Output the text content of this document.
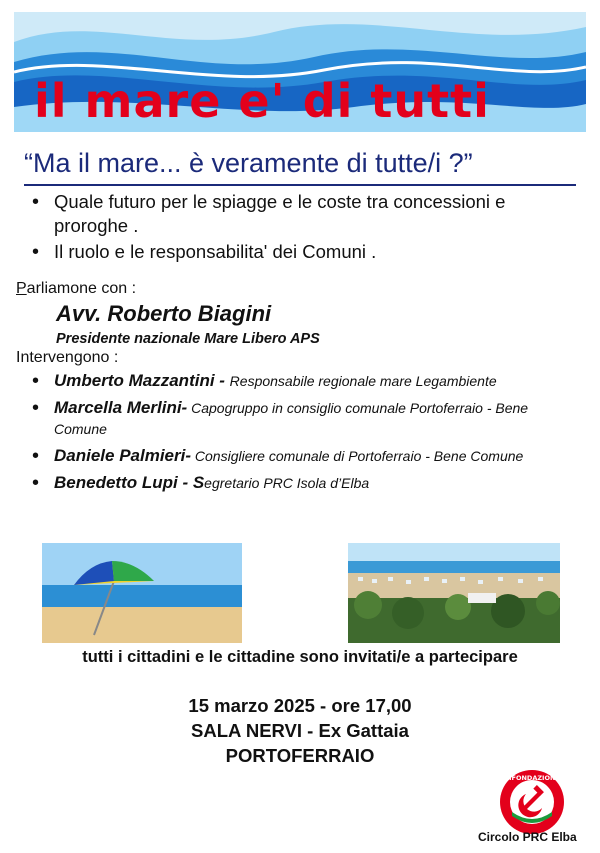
il mare e' di tutti
“Ma il mare... è veramente di tutte/i ?”
• Quale futuro per le spiagge e le coste tra concessioni e proroghe .
• Il ruolo e le responsabilita' dei Comuni .
Parliamone con :
Avv. Roberto Biagini
Presidente nazionale Mare Libero APS
Intervengono :
• Umberto Mazzantini - Responsabile regionale mare Legambiente
• Marcella Merlini- Capogruppo in consiglio comunale Portoferraio - Bene Comune
• Daniele Palmieri- Consigliere comunale di Portoferraio - Bene Comune
• Benedetto Lupi - Segretario PRC Isola d’Elba
tutti i cittadini e le cittadine sono invitati/e a partecipare
15 marzo 2025 - ore 17,00
SALA NERVI - Ex Gattaia
PORTOFERRAIO
RIFONDAZIONE
Circolo PRC Elba
